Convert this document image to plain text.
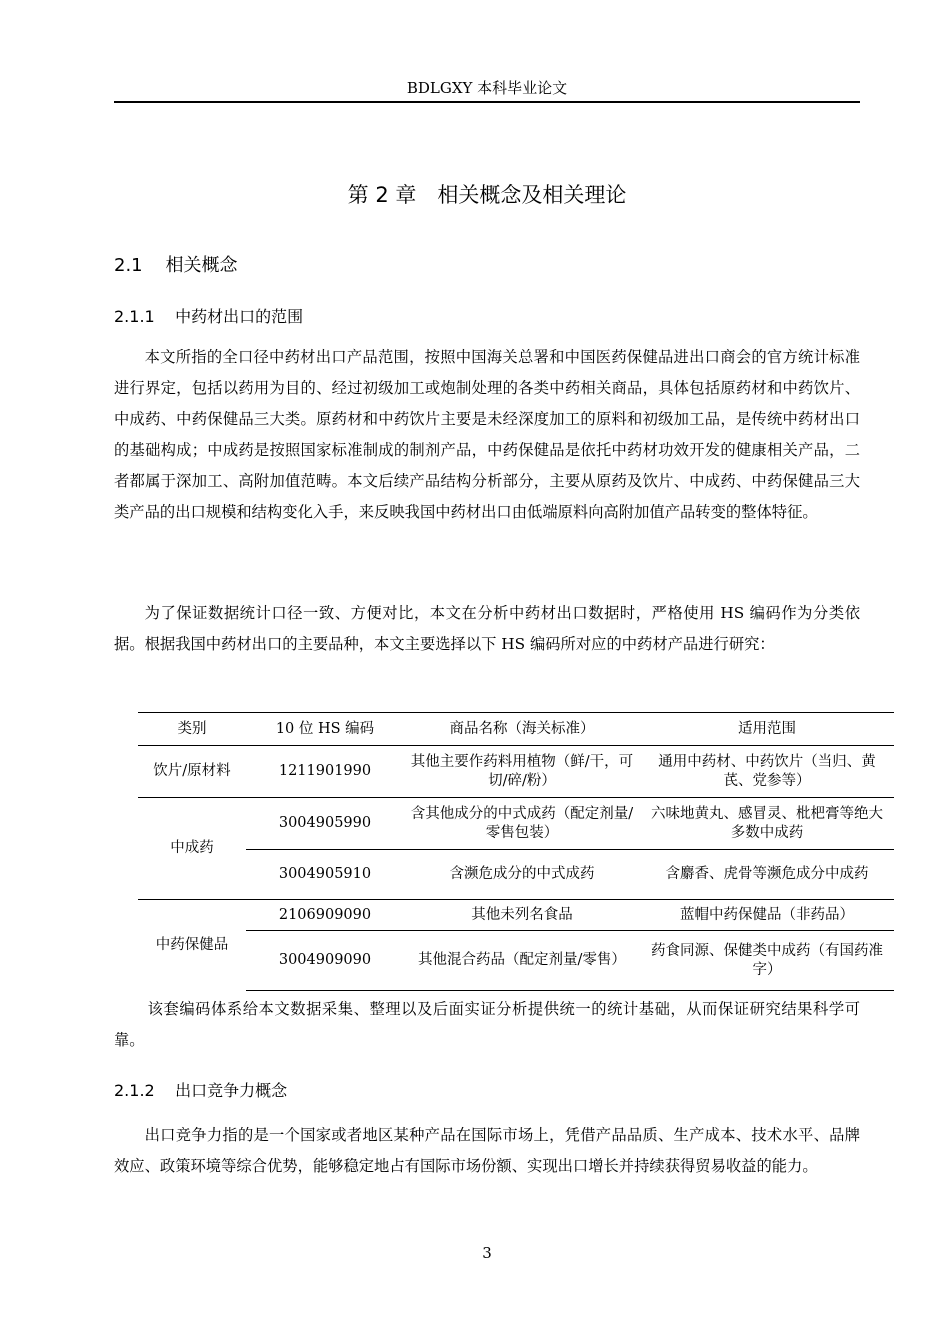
BDLGXY 本科毕业论文
第 2 章　相关概念及相关理论
2.1 相关概念
2.1.1 中药材出口的范围

本文所指的全口径中药材出口产品范围，按照中国海关总署和中国医药保健品进出口商会的官方统计标准进行界定，包括以药用为目的、经过初级加工或炮制处理的各类中药相关商品，具体包括原药材和中药饮片、中成药、中药保健品三大类。原药材和中药饮片主要是未经深度加工的原料和初级加工品，是传统中药材出口的基础构成；中成药是按照国家标准制成的制剂产品，中药保健品是依托中药材功效开发的健康相关产品，二者都属于深加工、高附加值范畴。本文后续产品结构分析部分，主要从原药及饮片、中成药、中药保健品三大类产品的出口规模和结构变化入手，来反映我国中药材出口由低端原料向高附加值产品转变的整体特征。

为了保证数据统计口径一致、方便对比，本文在分析中药材出口数据时，严格使用 HS 编码作为分类依据。根据我国中药材出口的主要品种，本文主要选择以下 HS 编码所对应的中药材产品进行研究：

类别	10 位 HS 编码	商品名称（海关标准）	适用范围
饮片/原材料	1211901990	其他主要作药料用植物（鲜/干，可切/碎/粉）	通用中药材、中药饮片（当归、黄芪、党参等）
中成药	3004905990	含其他成分的中式成药（配定剂量/零售包装）	六味地黄丸、感冒灵、枇杷膏等绝大多数中成药
	3004905910	含濒危成分的中式成药	含麝香、虎骨等濒危成分中成药
中药保健品	2106909090	其他未列名食品	蓝帽中药保健品（非药品）
	3004909090	其他混合药品（配定剂量/零售）	药食同源、保健类中成药（有国药准字）

该套编码体系给本文数据采集、整理以及后面实证分析提供统一的统计基础，从而保证研究结果科学可靠。

2.1.2 出口竞争力概念

出口竞争力指的是一个国家或者地区某种产品在国际市场上，凭借产品品质、生产成本、技术水平、品牌效应、政策环境等综合优势，能够稳定地占有国际市场份额、实现出口增长并持续获得贸易收益的能力。

3
